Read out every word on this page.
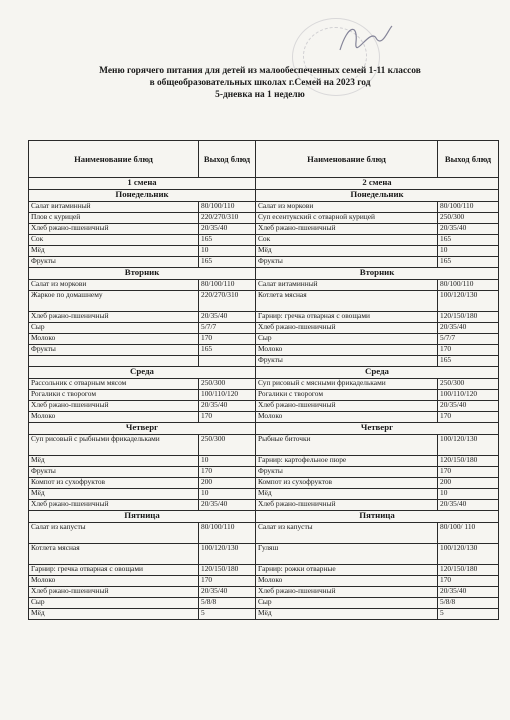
Меню горячего питания для детей из малообеспеченных семей 1-11 классов
в общеобразовательных школах г.Семей на 2023 год
5-дневка на 1 неделю
Наименование блюд	Выход блюд	Наименование блюд	Выход блюд
1 смена		2 смена	
Понедельник		Понедельник	
Салат витаминный	80/100/110	Салат из моркови	80/100/110
Плов с курицей	220/270/310	Суп есентукский с отварной курицей	250/300
Хлеб ржано-пшеничный	20/35/40	Хлеб ржано-пшеничный	20/35/40
Сок	165	Сок	165
Мёд	10	Мёд	10
Фрукты	165	Фрукты	165
Вторник		Вторник	
Салат из моркови	80/100/110	Салат витаминный	80/100/110
Жаркое по домашнему	220/270/310	Котлета мясная	100/120/130
Хлеб ржано-пшеничный	20/35/40	Гарнир: гречка отварная с овощами	120/150/180
Сыр	5/7/7	Хлеб ржано-пшеничный	20/35/40
Молоко	170	Сыр	5/7/7
Фрукты	165	Молоко	170
		Фрукты	165
Среда		Среда	
Рассольник с отварным мясом	250/300	Суп рисовый с мясными фрикадельками	250/300
Рогалики с творогом	100/110/120	Рогалики с творогом	100/110/120
Хлеб ржано-пшеничный	20/35/40	Хлеб ржано-пшеничный	20/35/40
Молоко	170	Молоко	170
Четверг		Четверг	
Суп рисовый с рыбными фрикадельками	250/300	Рыбные биточки	100/120/130
Мёд	10	Гарнир: картофельное пюре	120/150/180
Фрукты	170	Фрукты	170
Компот из сухофруктов	200	Компот из сухофруктов	200
Мёд	10	Мёд	10
Хлеб ржано-пшеничный	20/35/40	Хлеб ржано-пшеничный	20/35/40
Пятница		Пятница	
Салат из капусты	80/100/110	Салат из капусты	80/100/ 110
Котлета мясная	100/120/130	Гуляш	100/120/130
Гарнир: гречка отварная с овощами	120/150/180	Гарнир: рожки отварные	120/150/180
Молоко	170	Молоко	170
Хлеб ржано-пшеничный	20/35/40	Хлеб ржано-пшеничный	20/35/40
Сыр	5/8/8	Сыр	5/8/8
Мёд	5	Мёд	5
